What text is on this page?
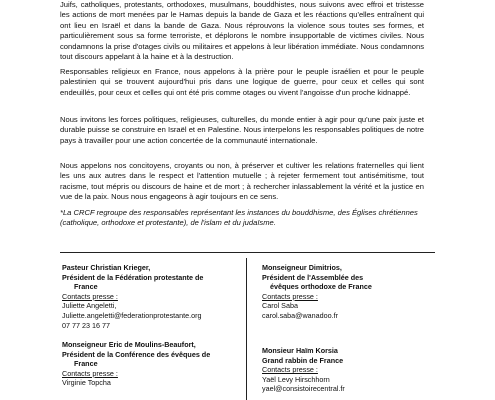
Juifs, catholiques, protestants, orthodoxes, musulmans, bouddhistes, nous suivons avec effroi et tristesse les actions de mort menées par le Hamas depuis la bande de Gaza et les réactions qu'elles entraînent qui ont lieu en Israël et dans la bande de Gaza. Nous réprouvons la violence sous toutes ses formes, et particulièrement sous sa forme terroriste, et déplorons le nombre insupportable de victimes civiles. Nous condamnons la prise d'otages civils ou militaires et appelons à leur libération immédiate. Nous condamnons tout discours appelant à la haine et à la destruction.

Responsables religieux en France, nous appelons à la prière pour le peuple israélien et pour le peuple palestinien qui se trouvent aujourd'hui pris dans une logique de guerre, pour ceux et celles qui sont endeuillés, pour ceux et celles qui ont été pris comme otages ou vivent l'angoisse d'un proche kidnappé.

Nous invitons les forces politiques, religieuses, culturelles, du monde entier à agir pour qu'une paix juste et durable puisse se construire en Israël et en Palestine. Nous interpelons les responsables politiques de notre pays à travailler pour une action concertée de la communauté internationale.

Nous appelons nos concitoyens, croyants ou non, à préserver et cultiver les relations fraternelles qui lient les uns aux autres dans le respect et l'attention mutuelle ; à rejeter fermement tout antisémitisme, tout racisme, tout mépris ou discours de haine et de mort ; à rechercher inlassablement la vérité et la justice en vue de la paix. Nous nous engageons à agir toujours en ce sens.

*La CRCF regroupe des responsables représentant les instances du bouddhisme, des Églises chrétiennes
(catholique, orthodoxe et protestante), de l'islam et du judaïsme.
Pasteur Christian Krieger,
Président de la Fédération protestante de
France
Contacts presse :
Juliette Angeletti,
Juliette.angeletti@federationprotestante.org
07 77 23 16 77
Monseigneur Eric de Moulins-Beaufort,
Président de la Conférence des évêques de
France
Contacts presse :
Virginie Topcha
Monseigneur Dimitrios,
Président de l'Assemblée des
évêques orthodoxe de France
Contacts presse :
Carol Saba
carol.saba@wanadoo.fr
Monsieur Haïm Korsia
Grand rabbin de France
Contacts presse :
Yaël Levy Hirschhorn
yael@consistoirecentral.fr
